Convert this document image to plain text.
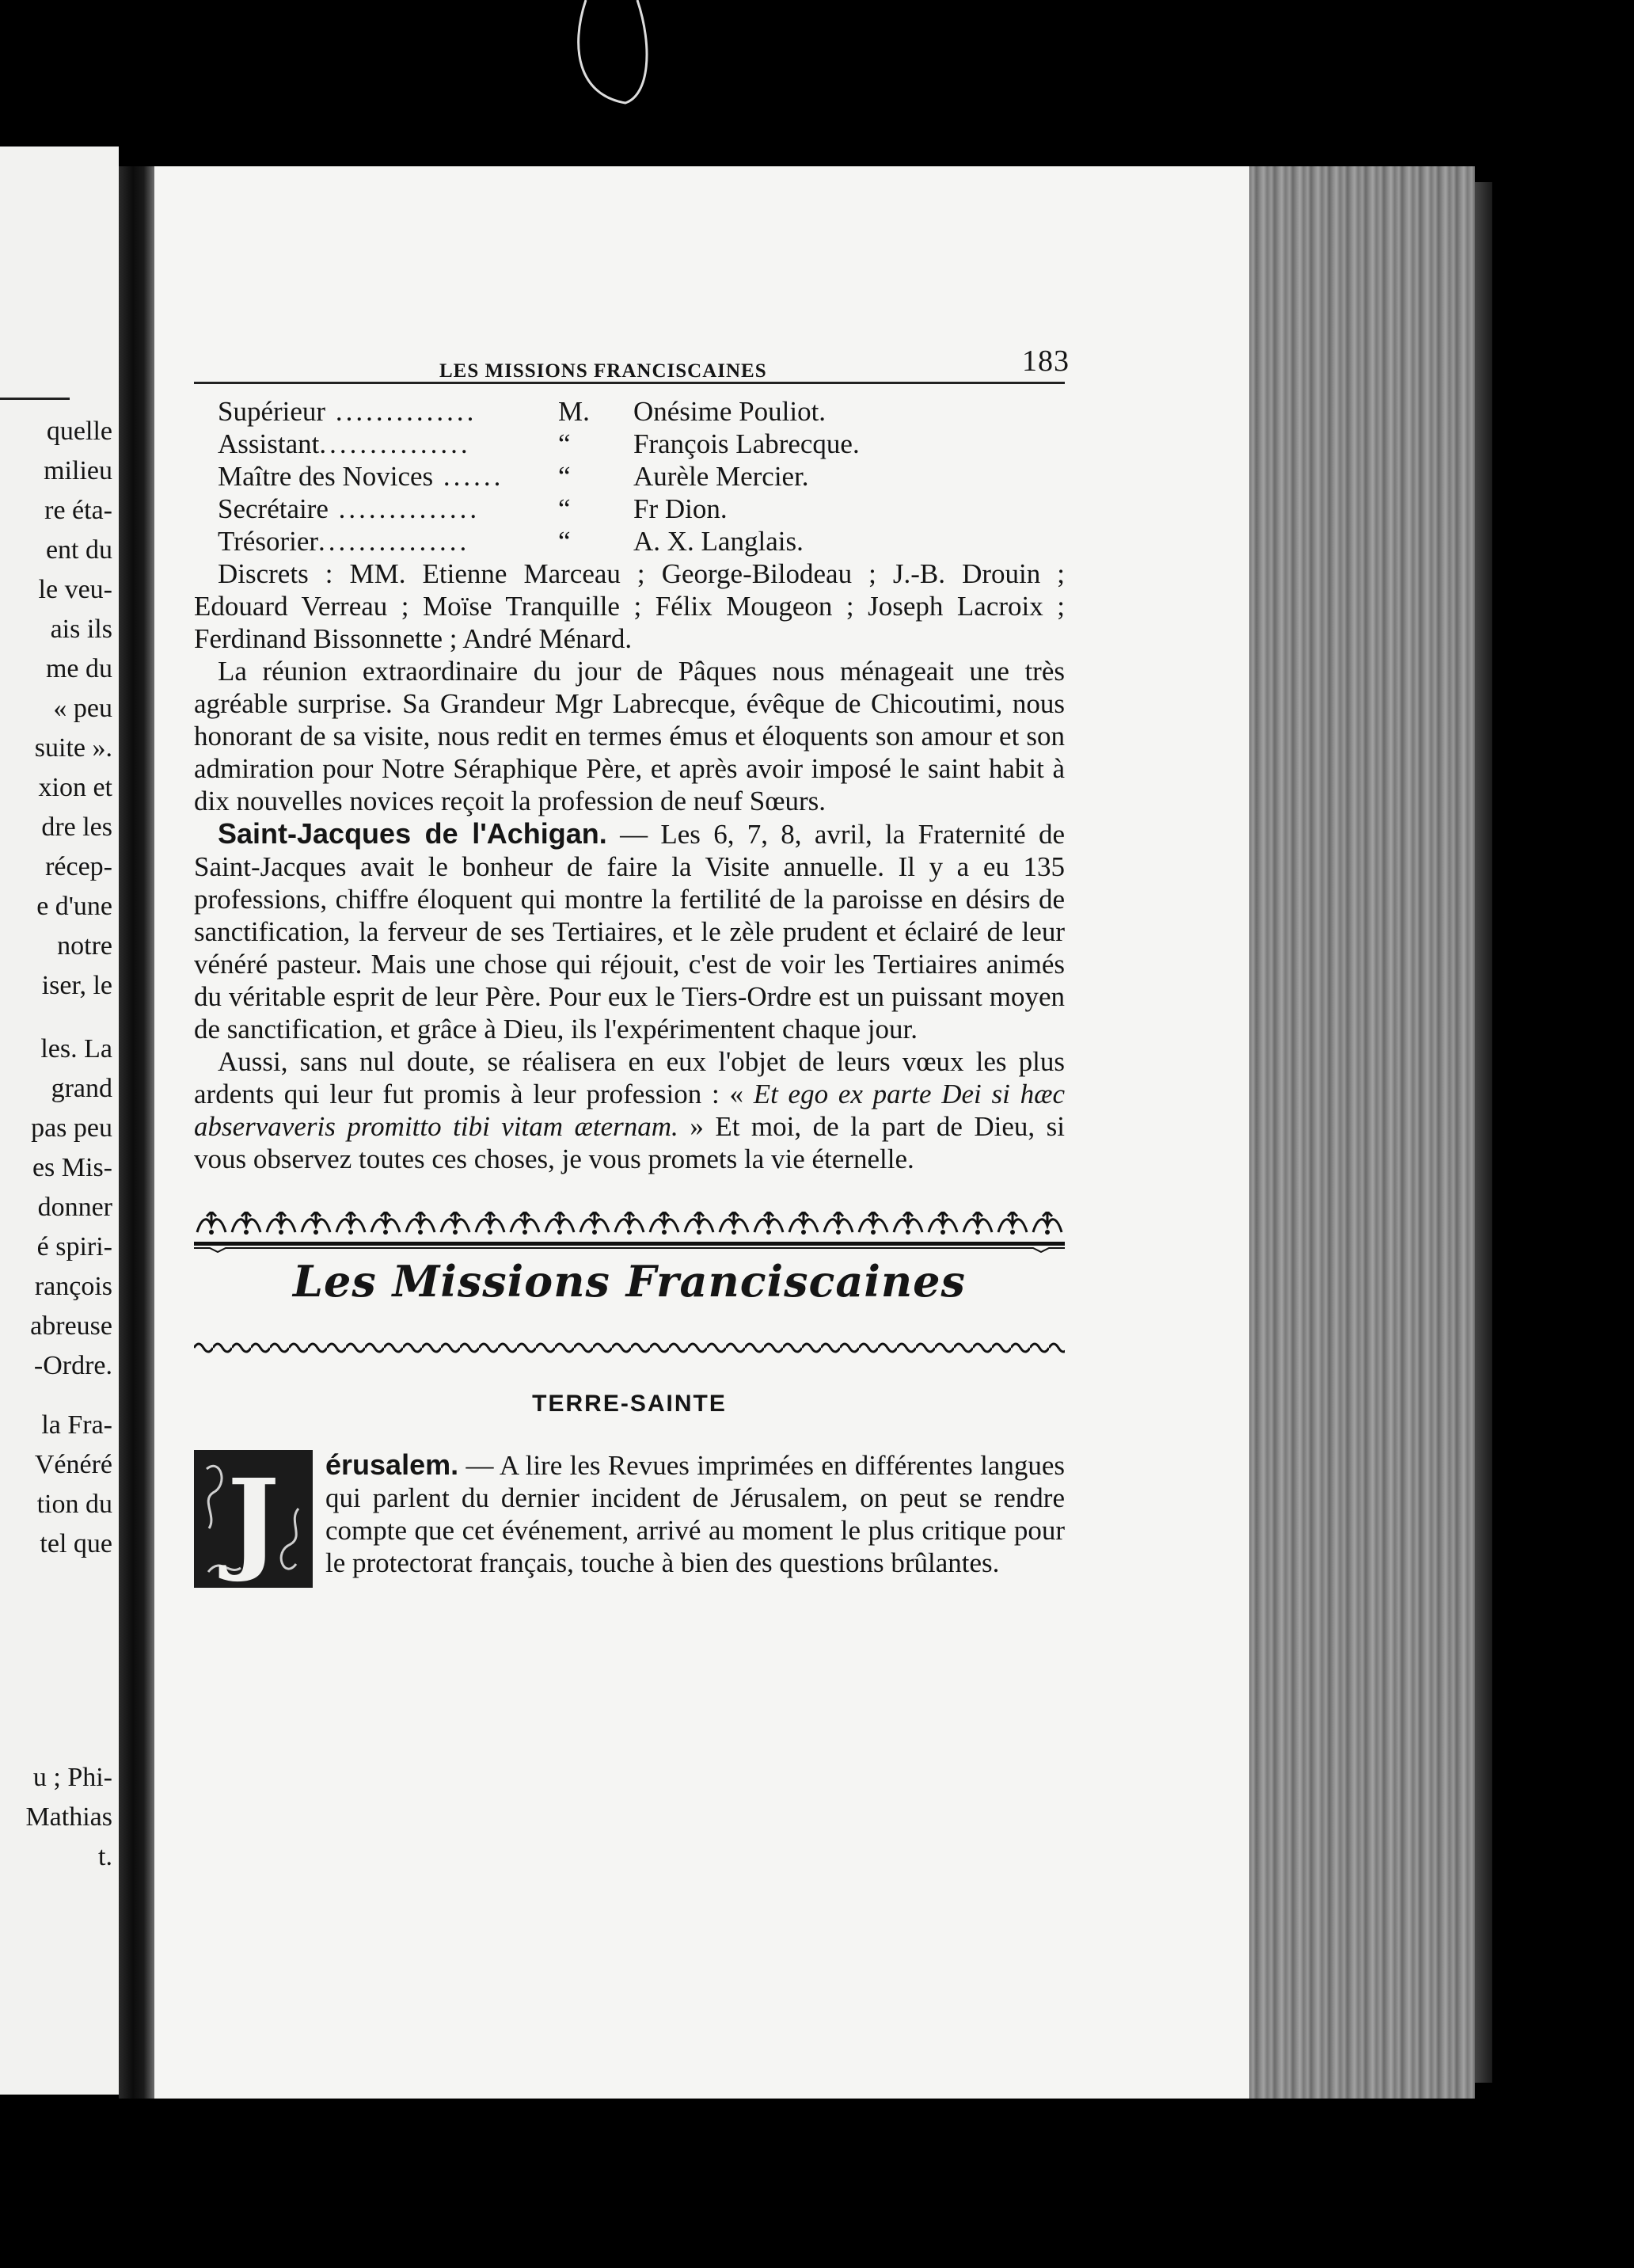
quelle
milieu
re éta-
ent du
le veu-
ais ils
me du
« peu
suite ».
xion et
dre les
récep-
e d'une
notre
iser, le
les. La
grand
pas peu
es Mis-
donner
é spiri-
rançois
abreuse
-Ordre.
la Fra-
Vénéré
tion du
tel que
u ; Phi-
Mathias
t.
LES MISSIONS FRANCISCAINES	183
Supérieur ..............	M.	Onésime Pouliot.
Assistant...............	“	François Labrecque.
Maître des Novices ......	“	Aurèle Mercier.
Secrétaire ..............	“	Fr Dion.
Trésorier...............	“	A. X. Langlais.

Discrets : MM. Etienne Marceau ; George-Bilodeau ; J.-B. Drouin ; Edouard Verreau ; Moïse Tranquille ; Félix Mougeon ; Joseph Lacroix ; Ferdinand Bissonnette ; André Ménard.

La réunion extraordinaire du jour de Pâques nous ménageait une très agréable surprise. Sa Grandeur Mgr Labrecque, évêque de Chicoutimi, nous honorant de sa visite, nous redit en termes émus et éloquents son amour et son admiration pour Notre Séraphique Père, et après avoir imposé le saint habit à dix nouvelles novices reçoit la profession de neuf Sœurs.

Saint-Jacques de l'Achigan. — Les 6, 7, 8, avril, la Fraternité de Saint-Jacques avait le bonheur de faire la Visite annuelle. Il y a eu 135 professions, chiffre éloquent qui montre la fertilité de la paroisse en désirs de sanctification, la ferveur de ses Tertiaires, et le zèle prudent et éclairé de leur vénéré pasteur. Mais une chose qui réjouit, c'est de voir les Tertiaires animés du véritable esprit de leur Père. Pour eux le Tiers-Ordre est un puissant moyen de sanctification, et grâce à Dieu, ils l'expérimentent chaque jour.

Aussi, sans nul doute, se réalisera en eux l'objet de leurs vœux les plus ardents qui leur fut promis à leur profession : « Et ego ex parte Dei si hæc abservaveris promitto tibi vitam æternam. » Et moi, de la part de Dieu, si vous observez toutes ces choses, je vous promets la vie éternelle.

Les Missions Franciscaines
TERRE-SAINTE
J	érusalem. — A lire les Revues imprimées en différentes langues qui parlent du dernier incident de Jérusalem, on peut se rendre compte que cet événement, arrivé au moment le plus critique pour le protectorat français, touche à bien des questions brûlantes.
